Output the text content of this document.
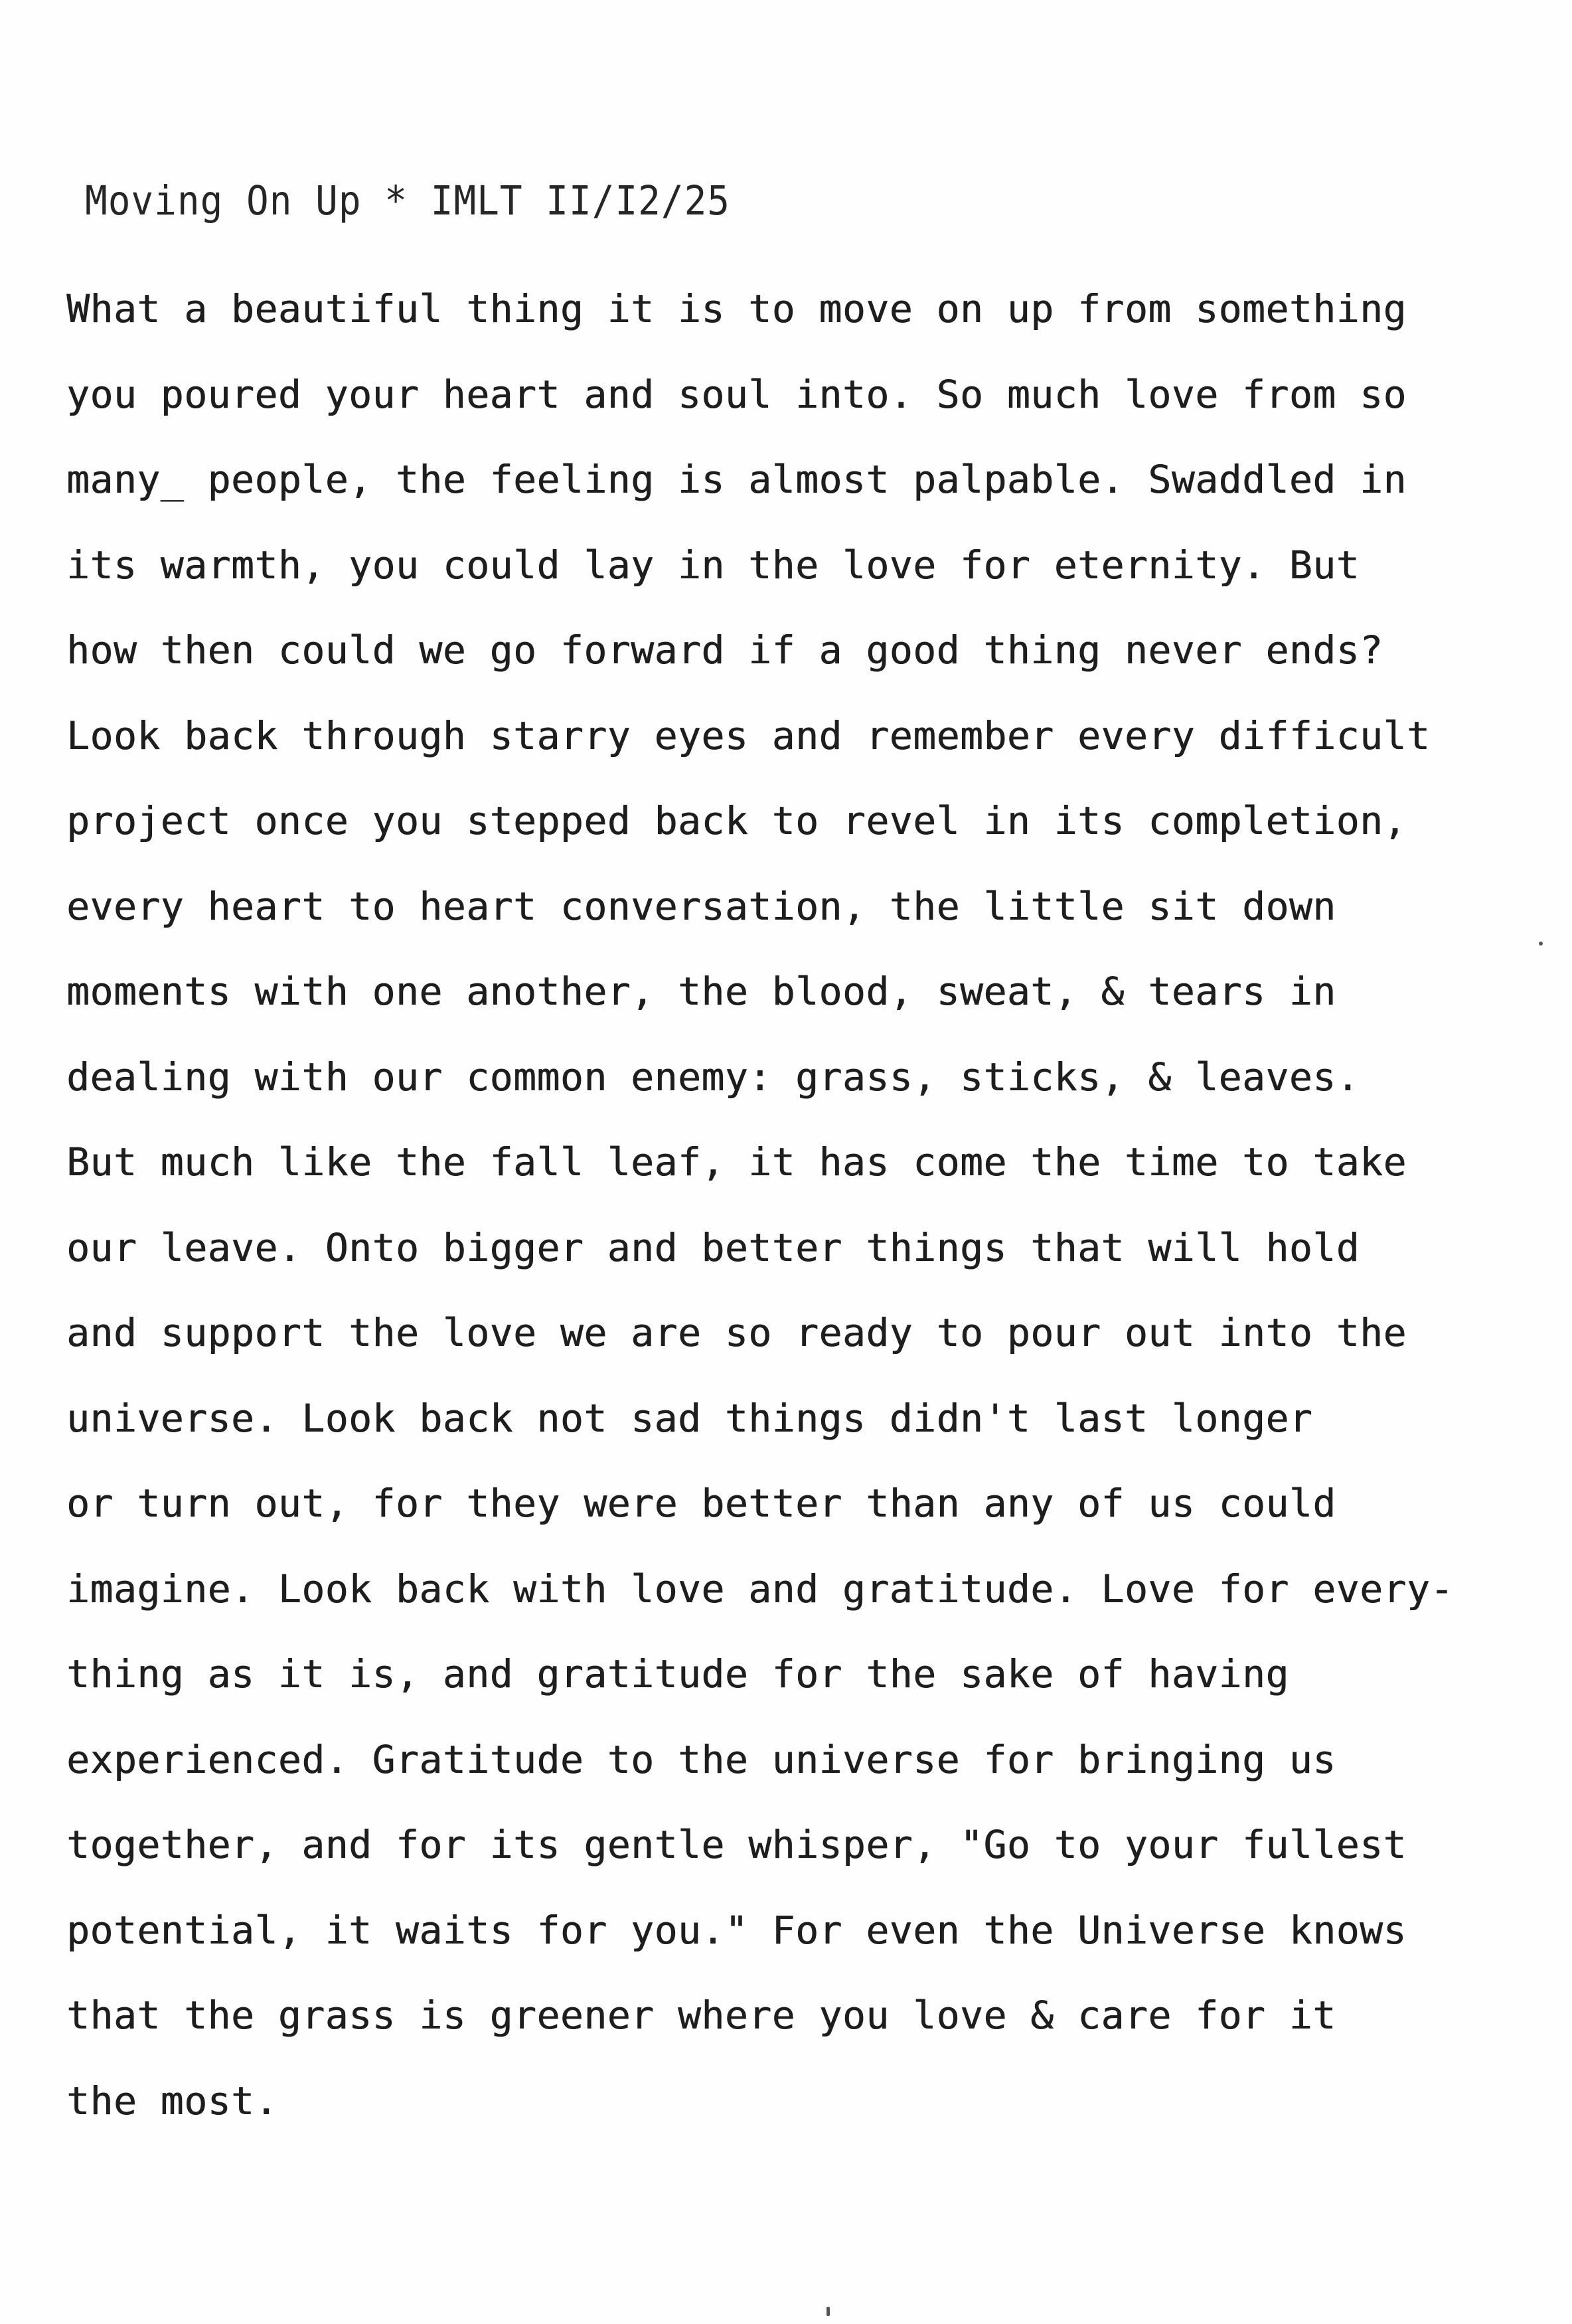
Moving On Up * IMLT II/I2/25
What a beautiful thing it is to move on up from something
you poured your heart and soul into. So much love from so
many_ people, the feeling is almost palpable. Swaddled in
its warmth, you could lay in the love for eternity. But
how then could we go forward if a good thing never ends?
Look back through starry eyes and remember every difficult
project once you stepped back to revel in its completion,
every heart to heart conversation, the little sit down
moments with one another, the blood, sweat, & tears in
dealing with our common enemy: grass, sticks, & leaves.
But much like the fall leaf, it has come the time to take
our leave. Onto bigger and better things that will hold
and support the love we are so ready to pour out into the
universe. Look back not sad things didn't last longer
or turn out, for they were better than any of us could
imagine. Look back with love and gratitude. Love for every-
thing as it is, and gratitude for the sake of having
experienced. Gratitude to the universe for bringing us
together, and for its gentle whisper, "Go to your fullest
potential, it waits for you." For even the Universe knows
that the grass is greener where you love & care for it
the most.
